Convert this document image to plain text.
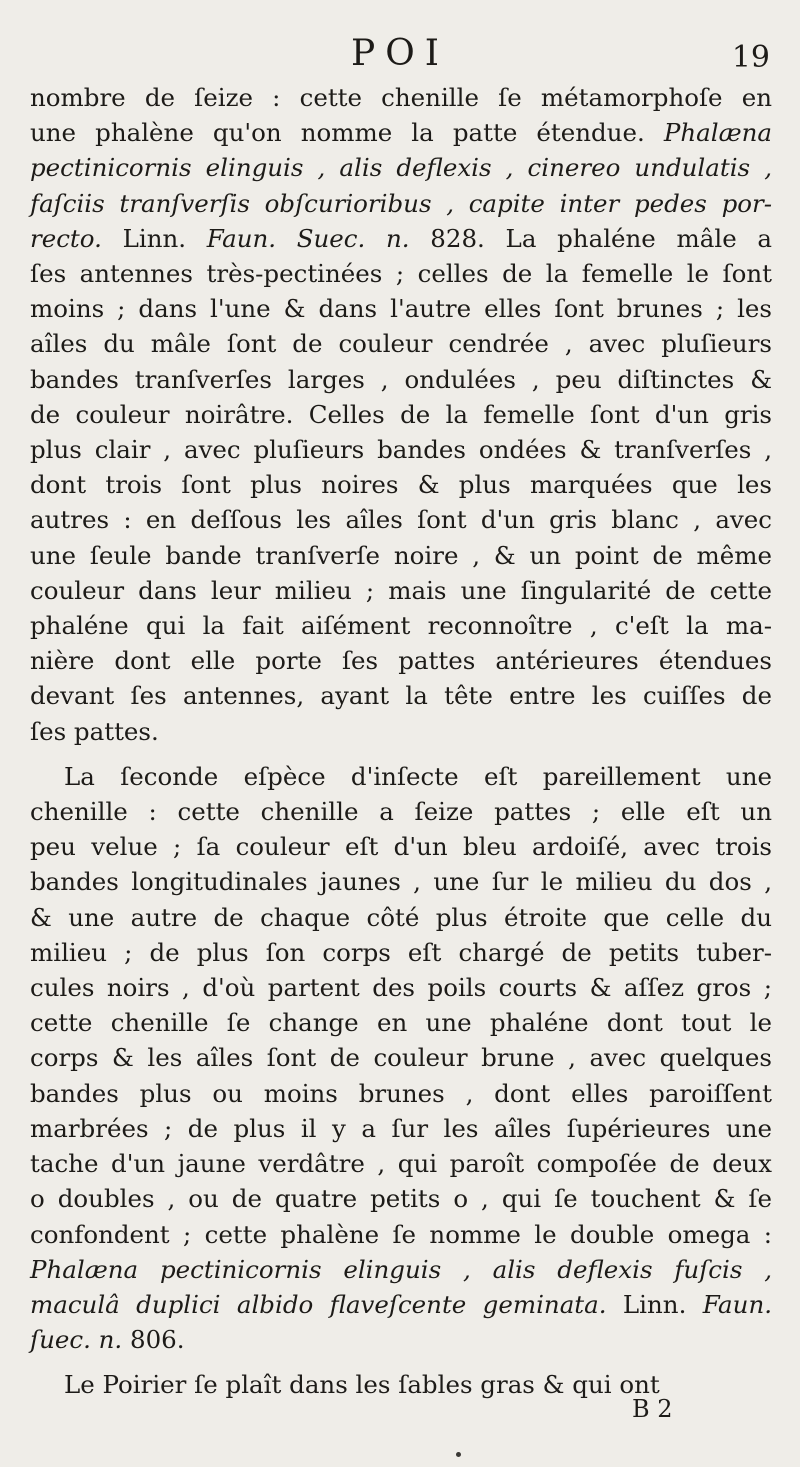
POI	19
nombre de ſeize : cette chenille ſe métamorphoſe en
une phalène qu'on nomme la patte étendue. Phalæna
pectinicornis elinguis , alis deflexis , cinereo undulatis ,
faſciis tranſverſis obſcurioribus , capite inter pedes por-
recto. Linn. Faun. Suec. n. 828. La phaléne mâle a
ſes antennes très-pectinées ; celles de la femelle le ſont
moins ; dans l'une & dans l'autre elles ſont brunes ; les
aîles du mâle ſont de couleur cendrée , avec pluſieurs
bandes tranſverſes larges , ondulées , peu diſtinctes &
de couleur noirâtre. Celles de la femelle ſont d'un gris
plus clair , avec pluſieurs bandes ondées & tranſverſes ,
dont trois ſont plus noires & plus marquées que les
autres : en deſſous les aîles ſont d'un gris blanc , avec
une ſeule bande tranſverſe noire , & un point de même
couleur dans leur milieu ; mais une ſingularité de cette
phaléne qui la fait aiſément reconnoître , c'eſt la ma-
nière dont elle porte ſes pattes antérieures étendues
devant ſes antennes, ayant la tête entre les cuiſſes de
ſes pattes.
La ſeconde eſpèce d'inſecte eſt pareillement une
chenille : cette chenille a ſeize pattes ; elle eſt un
peu velue ; ſa couleur eſt d'un bleu ardoiſé, avec trois
bandes longitudinales jaunes , une ſur le milieu du dos ,
& une autre de chaque côté plus étroite que celle du
milieu ; de plus ſon corps eſt chargé de petits tuber-
cules noirs , d'où partent des poils courts & aſſez gros ;
cette chenille ſe change en une phaléne dont tout le
corps & les aîles ſont de couleur brune , avec quelques
bandes plus ou moins brunes , dont elles paroiſſent
marbrées ; de plus il y a ſur les aîles ſupérieures une
tache d'un jaune verdâtre , qui paroît compoſée de deux
o doubles , ou de quatre petits o , qui ſe touchent & ſe
confondent ; cette phalène ſe nomme le double omega :
Phalæna pectinicornis elinguis , alis deflexis fuſcis ,
maculâ duplici albido flaveſcente geminata. Linn. Faun.
ſuec. n. 806.
Le Poirier ſe plaît dans les ſables gras & qui ont
B 2
